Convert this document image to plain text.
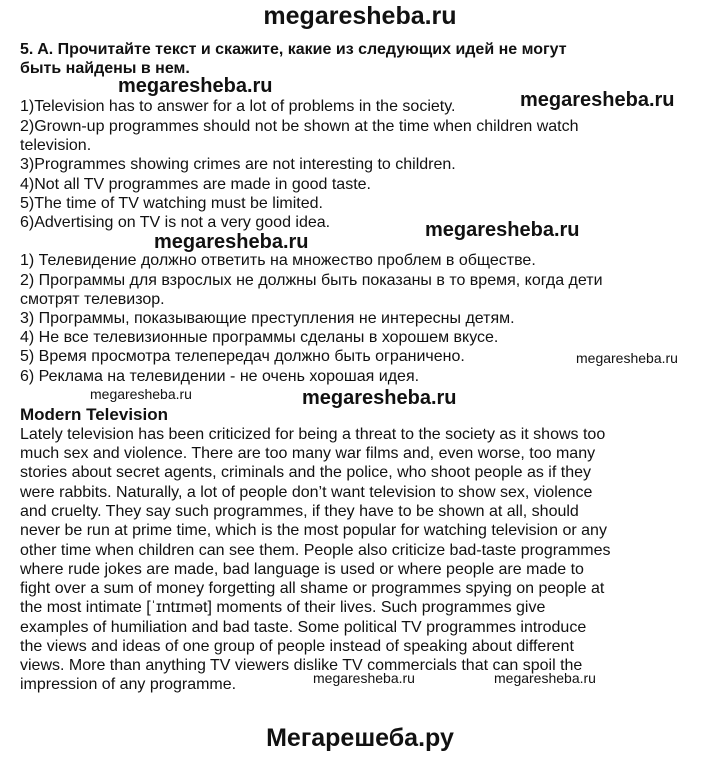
megaresheba.ru
5. A. Прочитайте текст и скажите, какие из следующих идей не могут
быть найдены в нем.
megaresheba.ru
megaresheba.ru
1)Television has to answer for a lot of problems in the society.
2)Grown-up programmes should not be shown at the time when children watch
television.
3)Programmes showing crimes are not interesting to children.
4)Not all TV programmes are made in good taste.
5)The time of TV watching must be limited.
6)Advertising on TV is not a very good idea.	megaresheba.ru
megaresheba.ru
1) Телевидение должно ответить на множество проблем в обществе.
2) Программы для взрослых не должны быть показаны в то время, когда дети
смотрят телевизор.
3) Программы, показывающие преступления не интересны детям.
4) Не все телевизионные программы сделаны в хорошем вкусе.
5) Время просмотра телепередач должно быть ограничено.
6) Реклама на телевидении - не очень хорошая идея.
megaresheba.ru
megaresheba.ru	megaresheba.ru
Modern Television
Lately television has been criticized for being a threat to the society as it shows too
much sex and violence. There are too many war films and, even worse, too many
stories about secret agents, criminals and the police, who shoot people as if they
were rabbits. Naturally, a lot of people don’t want television to show sex, violence
and cruelty. They say such programmes, if they have to be shown at all, should
never be run at prime time, which is the most popular for watching television or any
other time when children can see them. People also criticize bad-taste programmes
where rude jokes are made, bad language is used or where people are made to
fight over a sum of money forgetting all shame or programmes spying on people at
the most intimate [ˈɪntɪmət] moments of their lives. Such programmes give
examples of humiliation and bad taste. Some political TV programmes introduce
the views and ideas of one group of people instead of speaking about different
views. More than anything TV viewers dislike TV commercials that can spoil the
impression of any programme.	megaresheba.ru	megaresheba.ru
Мегарешеба.ру
